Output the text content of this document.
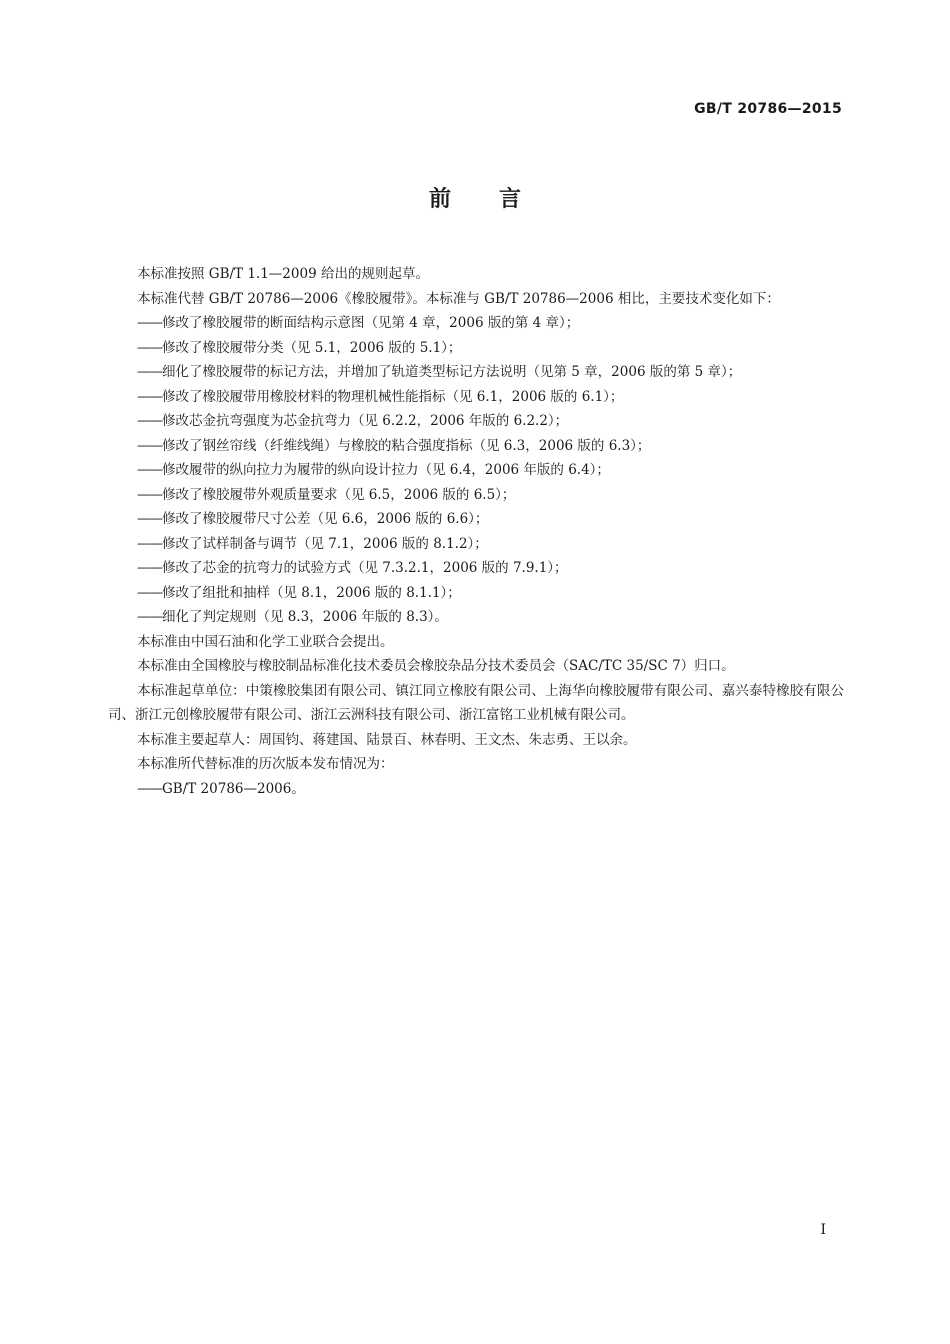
GB/T 20786—2015
前言

本标准按照 GB/T 1.1—2009 给出的规则起草。

本标准代替 GB/T 20786—2006《橡胶履带》。本标准与 GB/T 20786—2006 相比，主要技术变化如下：

—— 修改了橡胶履带的断面结构示意图（见第 4 章，2006 版的第 4 章）；

—— 修改了橡胶履带分类（见 5.1，2006 版的 5.1）；

—— 细化了橡胶履带的标记方法，并增加了轨道类型标记方法说明（见第 5 章，2006 版的第 5 章）；

—— 修改了橡胶履带用橡胶材料的物理机械性能指标（见 6.1，2006 版的 6.1）；

—— 修改芯金抗弯强度为芯金抗弯力（见 6.2.2，2006 年版的 6.2.2）；

—— 修改了钢丝帘线（纤维线绳）与橡胶的粘合强度指标（见 6.3，2006 版的 6.3）；

—— 修改履带的纵向拉力为履带的纵向设计拉力（见 6.4，2006 年版的 6.4）；

—— 修改了橡胶履带外观质量要求（见 6.5，2006 版的 6.5）；

—— 修改了橡胶履带尺寸公差（见 6.6，2006 版的 6.6）；

—— 修改了试样制备与调节（见 7.1，2006 版的 8.1.2）；

—— 修改了芯金的抗弯力的试验方式（见 7.3.2.1，2006 版的 7.9.1）；

—— 修改了组批和抽样（见 8.1，2006 版的 8.1.1）；

—— 细化了判定规则（见 8.3，2006 年版的 8.3）。

本标准由中国石油和化学工业联合会提出。

本标准由全国橡胶与橡胶制品标准化技术委员会橡胶杂品分技术委员会（SAC/TC 35/SC 7）归口。

本标准起草单位：中策橡胶集团有限公司、镇江同立橡胶有限公司、上海华向橡胶履带有限公司、嘉兴泰特橡胶有限公司、浙江元创橡胶履带有限公司、浙江云洲科技有限公司、浙江富铭工业机械有限公司。

本标准主要起草人：周国钧、蒋建国、陆景百、林春明、王文杰、朱志勇、王以余。

本标准所代替标准的历次版本发布情况为：

—— GB/T 20786—2006。

I
